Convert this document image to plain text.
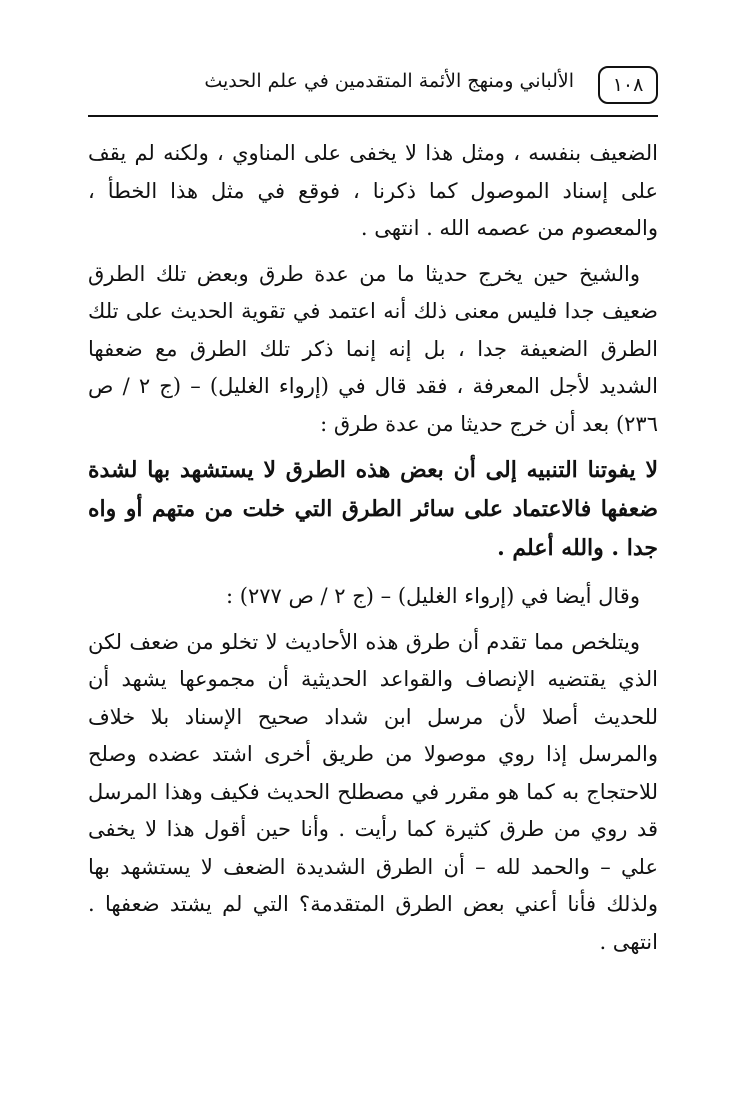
١٠٨
الألباني ومنهج الأئمة المتقدمين في علم الحديث

الضعيف بنفسه ، ومثل هذا لا يخفى على المناوي ، ولكنه لم يقف على إسناد الموصول كما ذكرنا ، فوقع في مثل هذا الخطأ ، والمعصوم من عصمه الله . انتهى .

والشيخ حين يخرج حديثا ما من عدة طرق وبعض تلك الطرق ضعيف جدا فليس معنى ذلك أنه اعتمد في تقوية الحديث على تلك الطرق الضعيفة جدا ، بل إنه إنما ذكر تلك الطرق مع ضعفها الشديد لأجل المعرفة ، فقد قال في (إرواء الغليل) – (ج ٢ / ص ٢٣٦) بعد أن خرج حديثا من عدة طرق :

لا يفوتنا التنبيه إلى أن بعض هذه الطرق لا يستشهد بها لشدة ضعفها فالاعتماد على سائر الطرق التي خلت من متهم أو واه جدا . والله أعلم .

وقال أيضا في (إرواء الغليل) – (ج ٢ / ص ٢٧٧) :

ويتلخص مما تقدم أن طرق هذه الأحاديث لا تخلو من ضعف لكن الذي يقتضيه الإنصاف والقواعد الحديثية أن مجموعها يشهد أن للحديث أصلا لأن مرسل ابن شداد صحيح الإسناد بلا خلاف والمرسل إذا روي موصولا من طريق أخرى اشتد عضده وصلح للاحتجاج به كما هو مقرر في مصطلح الحديث فكيف وهذا المرسل قد روي من طرق كثيرة كما رأيت . وأنا حين أقول هذا لا يخفى علي – والحمد لله – أن الطرق الشديدة الضعف لا يستشهد بها ولذلك فأنا أعني بعض الطرق المتقدمة؟ التي لم يشتد ضعفها . انتهى .
